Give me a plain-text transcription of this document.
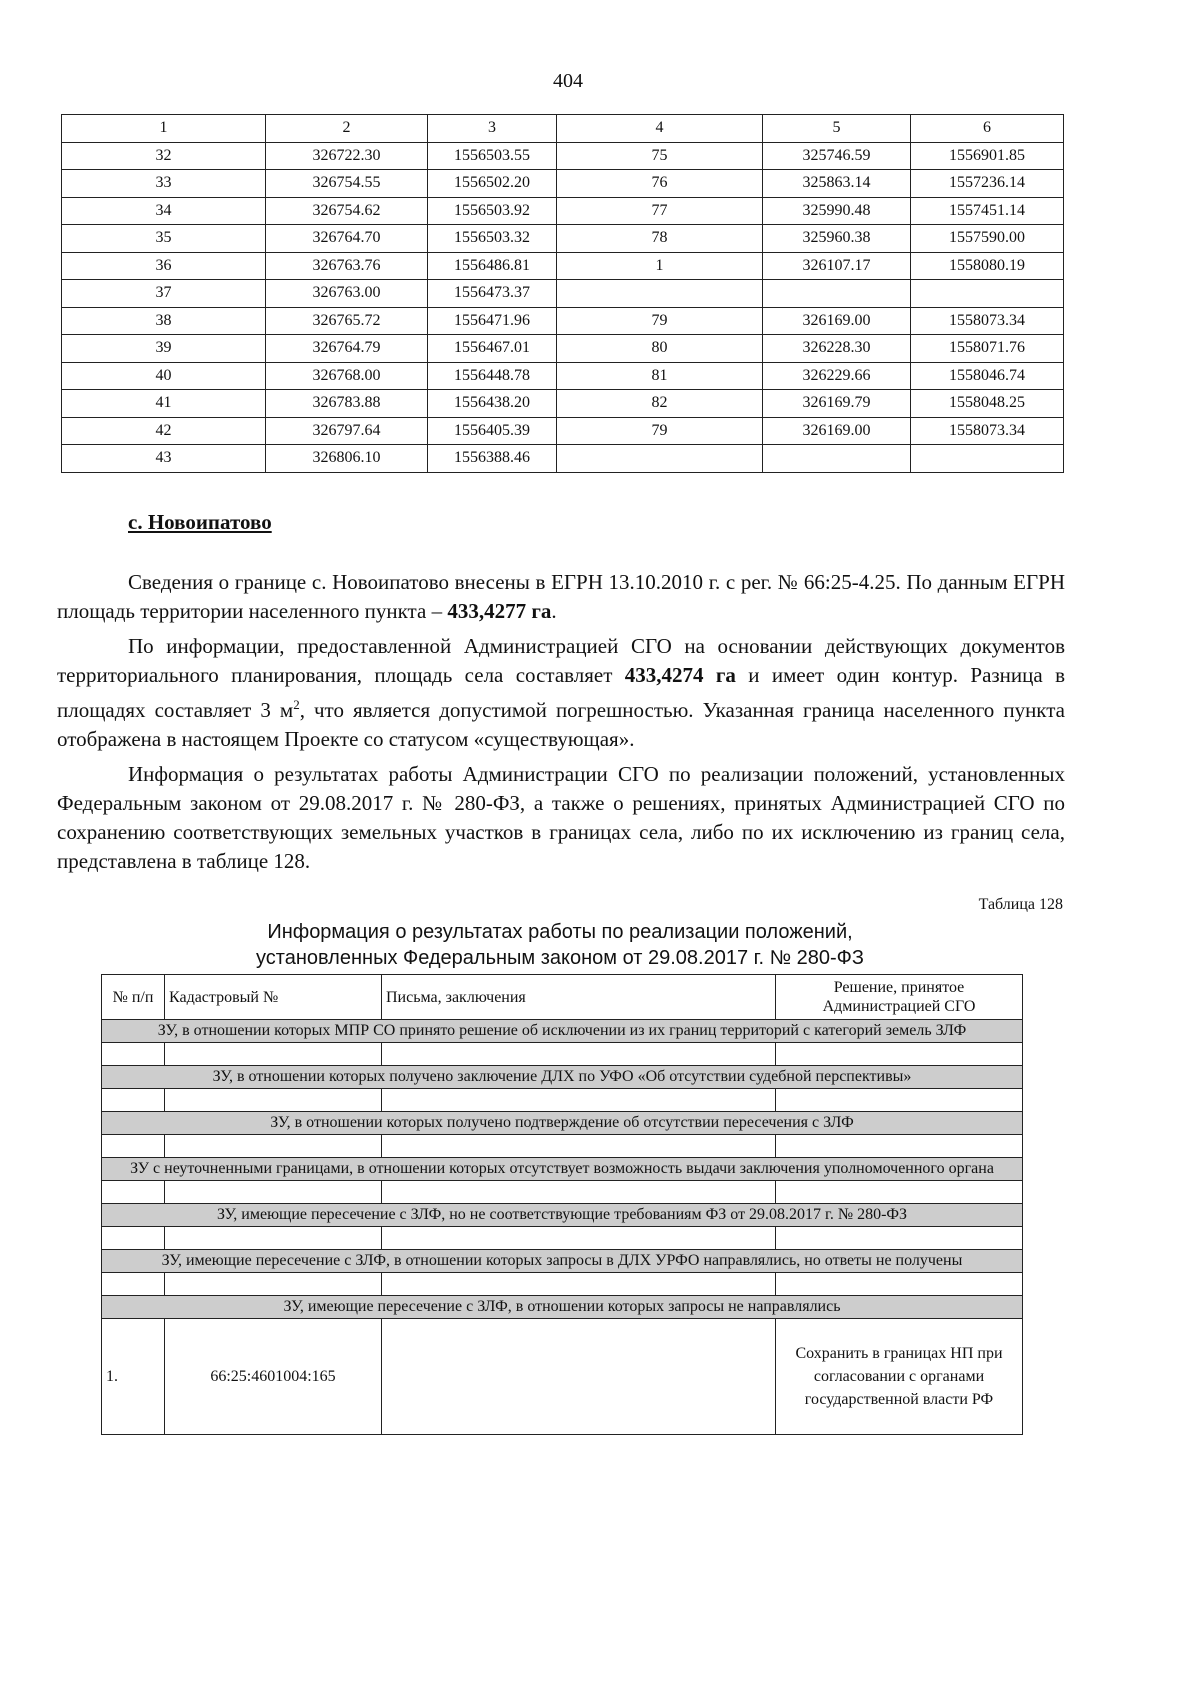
404
1	2	3	4	5	6
32	326722.30	1556503.55	75	325746.59	1556901.85
33	326754.55	1556502.20	76	325863.14	1557236.14
34	326754.62	1556503.92	77	325990.48	1557451.14
35	326764.70	1556503.32	78	325960.38	1557590.00
36	326763.76	1556486.81	1	326107.17	1558080.19
37	326763.00	1556473.37			
38	326765.72	1556471.96	79	326169.00	1558073.34
39	326764.79	1556467.01	80	326228.30	1558071.76
40	326768.00	1556448.78	81	326229.66	1558046.74
41	326783.88	1556438.20	82	326169.79	1558048.25
42	326797.64	1556405.39	79	326169.00	1558073.34
43	326806.10	1556388.46			
с. Новоипатово

Сведения о границе с. Новоипатово внесены в ЕГРН 13.10.2010 г. с рег. № 66:25-4.25. По данным ЕГРН площадь территории населенного пункта – 433,4277 га.

По информации, предоставленной Администрацией СГО на основании действующих документов территориального планирования, площадь села составляет 433,4274 га и имеет один контур. Разница в площадях составляет 3 $м^2$, что является допустимой погрешностью. Указанная граница населенного пункта отображена в настоящем Проекте со статусом «существующая».

Информация о результатах работы Администрации СГО по реализации положений, установленных Федеральным законом от 29.08.2017 г. № 280-ФЗ, а также о решениях, принятых Администрацией СГО по сохранению соответствующих земельных участков в границах села, либо по их исключению из границ села, представлена в таблице 128.

Таблица 128
Информация о результатах работы по реализации положений,
установленных Федеральным законом от 29.08.2017 г. № 280-ФЗ
№ п/п	Кадастровый №	Письма, заключения	Решение, принятое Администрацией СГО
ЗУ, в отношении которых МПР СО принято решение об исключении из их границ территорий с категорий земель ЗЛФ			

ЗУ, в отношении которых получено заключение ДЛХ по УФО «Об отсутствии судебной перспективы»			

ЗУ, в отношении которых получено подтверждение об отсутствии пересечения с ЗЛФ			

ЗУ с неуточненными границами, в отношении которых отсутствует возможность выдачи заключения уполномоченного органа			

ЗУ, имеющие пересечение с ЗЛФ, но не соответствующие требованиям ФЗ от 29.08.2017 г. № 280-ФЗ			

ЗУ, имеющие пересечение с ЗЛФ, в отношении которых запросы в ДЛХ УРФО направлялись, но ответы не получены			

ЗУ, имеющие пересечение с ЗЛФ, в отношении которых запросы не направлялись			
1.	66:25:4601004:165		Сохранить в границах НП при согласовании с органами государственной власти РФ
